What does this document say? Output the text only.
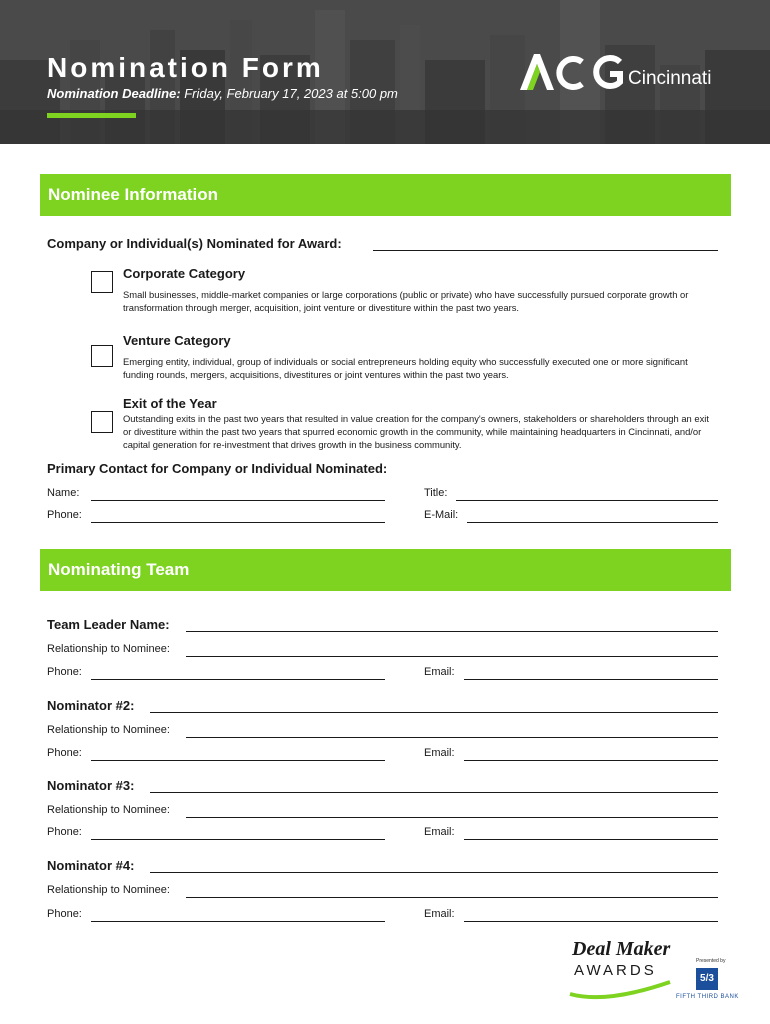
Nomination Form
Nomination Deadline: Friday, February 17, 2023 at 5:00 pm
Cincinnati
Nominee Information
Company or Individual(s) Nominated for Award:
Corporate Category
Small businesses, middle-market companies or large corporations (public or private) who have successfully pursued corporate growth or transformation through merger, acquisition, joint venture or divestiture within the past two years.
Venture Category
Emerging entity, individual, group of individuals or social entrepreneurs holding equity who successfully executed one or more significant funding rounds, mergers, acquisitions, divestitures or joint ventures within the past two years.
Exit of the Year
Outstanding exits in the past two years that resulted in value creation for the company's owners, stakeholders or shareholders through an exit or divestiture within the past two years that spurred economic growth in the community, while maintaining headquarters in Cincinnati, and/or capital generation for re-investment that drives growth in the business community.
Primary Contact for Company or Individual Nominated:
Name:	Title:
Phone:	E-Mail:
Nominating Team
Team Leader Name:
Relationship to Nominee:
Phone:	Email:
Nominator #2:
Relationship to Nominee:
Phone:	Email:
Nominator #3:
Relationship to Nominee:
Phone:	Email:
Nominator #4:
Relationship to Nominee:
Phone:	Email:
Deal Maker
AWARDS
Presented by
5/3
FIFTH THIRD BANK
